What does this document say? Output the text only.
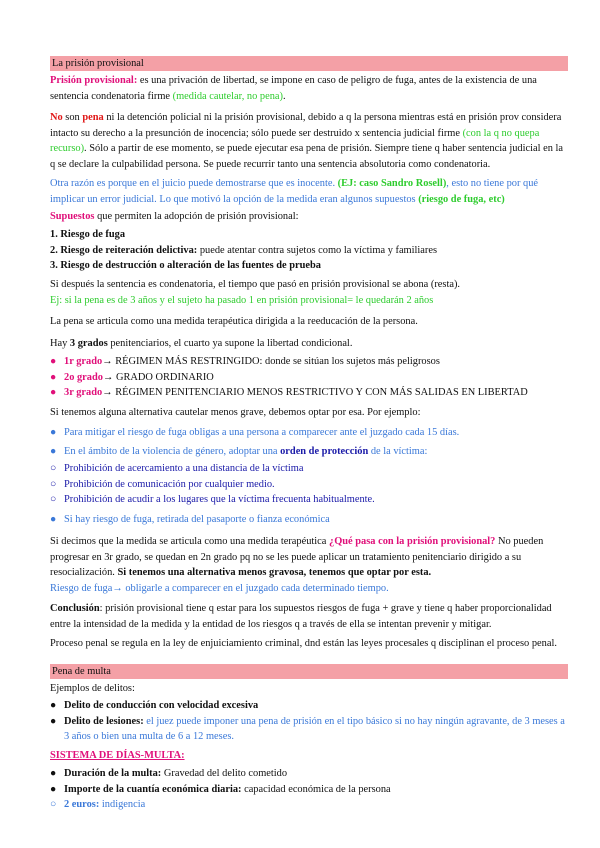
La prisión provisional
Prisión provisional: es una privación de libertad, se impone en caso de peligro de fuga, antes de la existencia de una sentencia condenatoria firme (medida cautelar, no pena).
No son pena ni la detención policial ni la prisión provisional, debido a q la persona mientras está en prisión prov considera intacto su derecho a la presunción de inocencia; sólo puede ser destruido x sentencia judicial firme (con la q no quepa recurso). Sólo a partir de ese momento, se puede ejecutar esa pena de prisión. Siempre tiene q haber sentencia judicial en la q se declare la culpabilidad persona. Se puede recurrir tanto una sentencia absolutoria como condenatoria.
Otra razón es porque en el juicio puede demostrarse que es inocente. (EJ: caso Sandro Rosell), esto no tiene por qué implicar un error judicial. Lo que motivó la opción de la medida eran algunos supuestos (riesgo de fuga, etc)
Supuestos que permiten la adopción de prisión provisional:
1. Riesgo de fuga
2. Riesgo de reiteración delictiva: puede atentar contra sujetos como la víctima y familiares
3. Riesgo de destrucción o alteración de las fuentes de prueba
Si después la sentencia es condenatoria, el tiempo que pasó en prisión provisional se abona (resta).
Ej: si la pena es de 3 años y el sujeto ha pasado 1 en prisión provisional= le quedarán 2 años
La pena se articula como una medida terapéutica dirigida a la reeducación de la persona.
Hay 3 grados penitenciarios, el cuarto ya supone la libertad condicional.
● 1r grado→ RÉGIMEN MÁS RESTRINGIDO: donde se sitúan los sujetos más peligrosos
● 2o grado→ GRADO ORDINARIO
● 3r grado→ RÉGIMEN PENITENCIARIO MENOS RESTRICTIVO Y CON MÁS SALIDAS EN LIBERTAD
Si tenemos alguna alternativa cautelar menos grave, debemos optar por esa. Por ejemplo:
● Para mitigar el riesgo de fuga obligas a una persona a comparecer ante el juzgado cada 15 días.
● En el ámbito de la violencia de género, adoptar una orden de protección de la víctima:
○ Prohibición de acercamiento a una distancia de la víctima
○ Prohibición de comunicación por cualquier medio.
○ Prohibición de acudir a los lugares que la víctima frecuenta habitualmente.
● Si hay riesgo de fuga, retirada del pasaporte o fianza económica
Si decimos que la medida se articula como una medida terapéutica ¿Qué pasa con la prisión provisional? No pueden progresar en 3r grado, se quedan en 2n grado pq no se les puede aplicar un tratamiento penitenciario dirigido a su resocialización. Si tenemos una alternativa menos gravosa, tenemos que optar por esta.
Riesgo de fuga→ obligarle a comparecer en el juzgado cada determinado tiempo.
Conclusión: prisión provisional tiene q estar para los supuestos riesgos de fuga + grave y tiene q haber proporcionalidad entre la intensidad de la medida y la entidad de los riesgos q a través de ella se intentan prevenir y mitigar.
Proceso penal se regula en la ley de enjuiciamiento criminal, dnd están las leyes procesales q disciplinan el proceso penal.
Pena de multa
Ejemplos de delitos:
● Delito de conducción con velocidad excesiva
● Delito de lesiones: el juez puede imponer una pena de prisión en el tipo básico si no hay ningún agravante, de 3 meses a 3 años o bien una multa de 6 a 12 meses.
SISTEMA DE DÍAS-MULTA:
● Duración de la multa: Gravedad del delito cometido
● Importe de la cuantía económica diaria: capacidad económica de la persona
○ 2 euros: indigencia
